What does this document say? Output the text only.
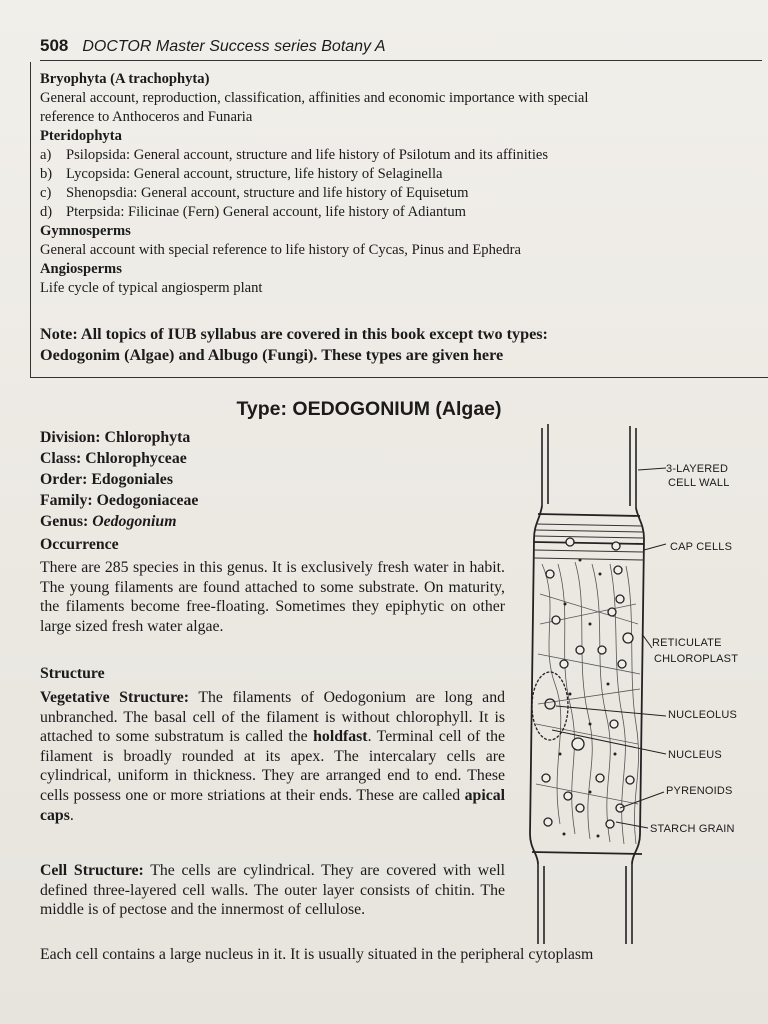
508 DOCTOR Master Success series Botany A
Bryophyta (A trachophyta)
General account, reproduction, classification, affinities and economic importance with special
reference to Anthoceros and Funaria
Pteridophyta
a) Psilopsida: General account, structure and life history of Psilotum and its affinities
b) Lycopsida: General account, structure, life history of Selaginella
c) Shenopsdia: General account, structure and life history of Equisetum
d) Pterpsida: Filicinae (Fern) General account, life history of Adiantum
Gymnosperms
General account with special reference to life history of Cycas, Pinus and Ephedra
Angiosperms
Life cycle of typical angiosperm plant
Note: All topics of IUB syllabus are covered in this book except two types:
Oedogonim (Algae) and Albugo (Fungi). These types are given here
Type: OEDOGONIUM (Algae)
Division: Chlorophyta
Class: Chlorophyceae
Order: Edogoniales
Family: Oedogoniaceae
Genus: Oedogonium
Occurrence
There are 285 species in this genus. It is exclusively fresh water in habit. The young filaments are found attached to some substrate. On maturity, the filaments become free-floating. Sometimes they epiphytic on other large sized fresh water algae.
Structure
Vegetative Structure: The filaments of Oedogonium are long and unbranched. The basal cell of the filament is without chlorophyll. It is attached to some substratum is called the holdfast. Terminal cell of the filament is broadly rounded at its apex. The intercalary cells are cylindrical, uniform in thickness. They are arranged end to end. These cells possess one or more striations at their ends. These are called apical caps.
Cell Structure: The cells are cylindrical. They are covered with well defined three-layered cell walls. The outer layer consists of chitin. The middle is of pectose and the innermost of cellulose.
Each cell contains a large nucleus in it. It is usually situated in the peripheral cytoplasm
3-LAYERED
CELL WALL
CAP CELLS
RETICULATE
CHLOROPLAST
NUCLEOLUS
NUCLEUS
PYRENOIDS
STARCH GRAIN
